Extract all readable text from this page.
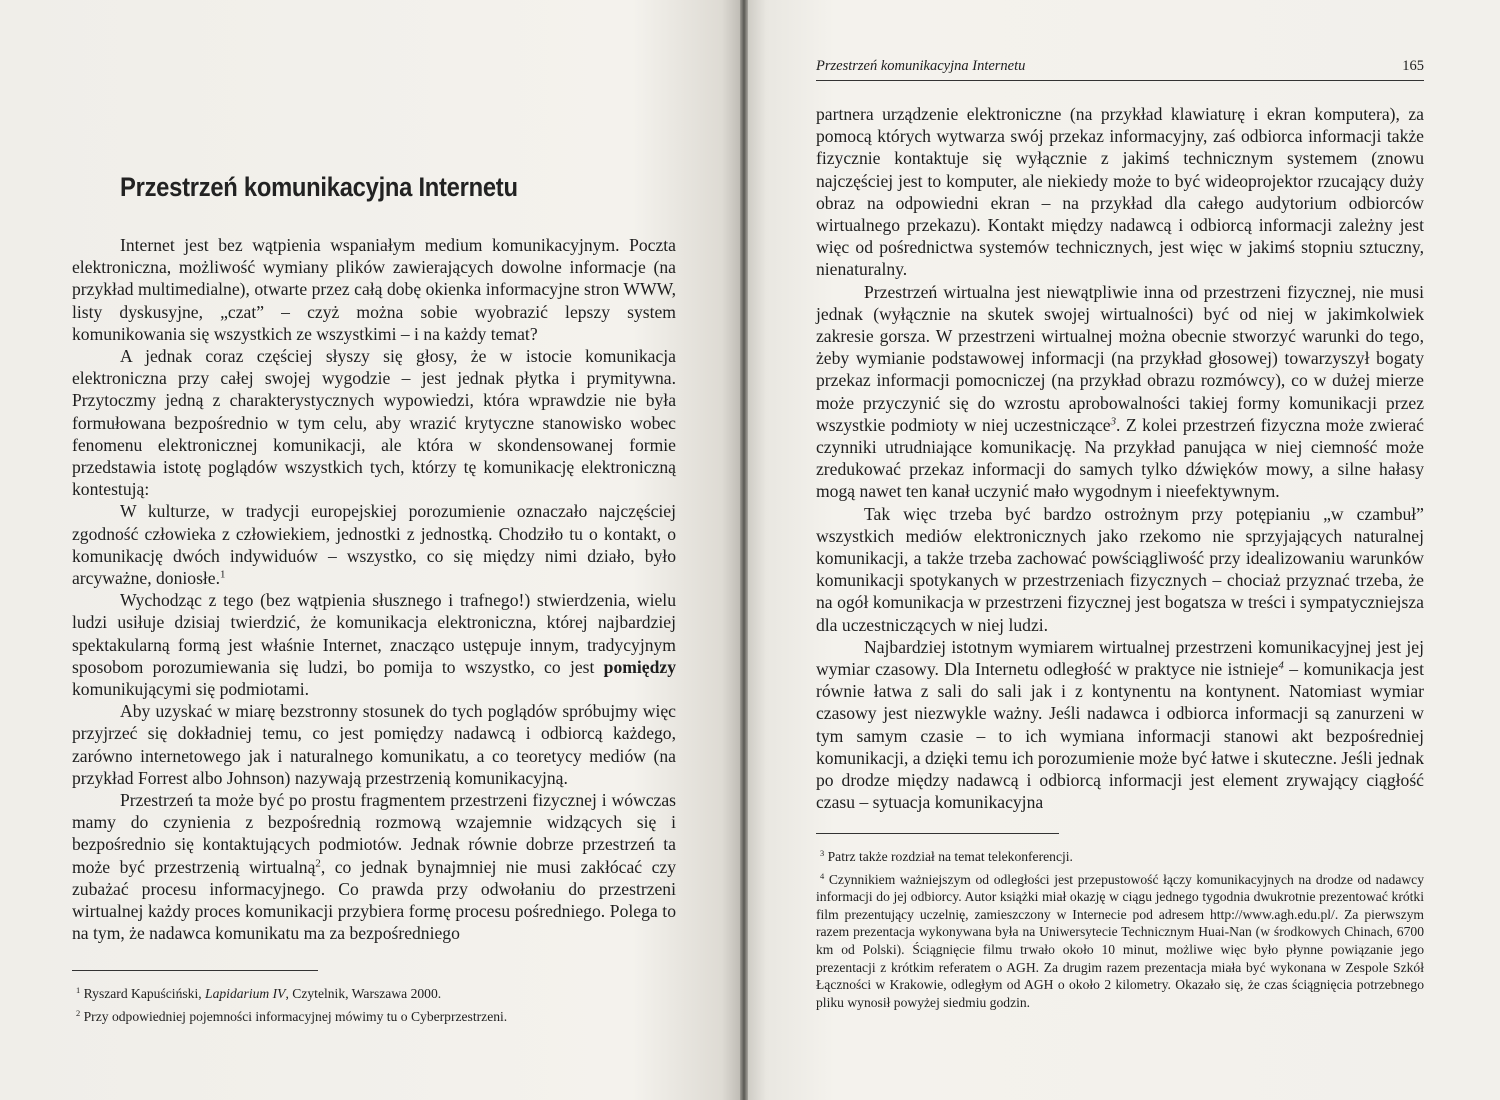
Przestrzeń komunikacyjna Internetu

Internet jest bez wątpienia wspaniałym medium komunikacyjnym. Poczta elektroniczna, możliwość wymiany plików zawierających dowolne informacje (na przykład multimedialne), otwarte przez całą dobę okienka informacyjne stron WWW, listy dyskusyjne, „czat” – czyż można sobie wyobrazić lepszy system komunikowania się wszystkich ze wszystkimi – i na każdy temat?

A jednak coraz częściej słyszy się głosy, że w istocie komunikacja elektroniczna przy całej swojej wygodzie – jest jednak płytka i prymitywna. Przytoczmy jedną z charakterystycznych wypowiedzi, która wprawdzie nie była formułowana bezpośrednio w tym celu, aby wrazić krytyczne stanowisko wobec fenomenu elektronicznej komunikacji, ale która w skondensowanej formie przedstawia istotę poglądów wszystkich tych, którzy tę komunikację elektroniczną kontestują:

W kulturze, w tradycji europejskiej porozumienie oznaczało najczęściej zgodność człowieka z człowiekiem, jednostki z jednostką. Chodziło tu o kontakt, o komunikację dwóch indywiduów – wszystko, co się między nimi działo, było arcyważne, doniosłe.$^1$

Wychodząc z tego (bez wątpienia słusznego i trafnego!) stwierdzenia, wielu ludzi usiłuje dzisiaj twierdzić, że komunikacja elektroniczna, której najbardziej spektakularną formą jest właśnie Internet, znacząco ustępuje innym, tradycyjnym sposobom porozumiewania się ludzi, bo pomija to wszystko, co jest pomiędzy komunikującymi się podmiotami.

Aby uzyskać w miarę bezstronny stosunek do tych poglądów spróbujmy więc przyjrzeć się dokładniej temu, co jest pomiędzy nadawcą i odbiorcą każdego, zarówno internetowego jak i naturalnego komunikatu, a co teoretycy mediów (na przykład Forrest albo Johnson) nazywają przestrzenią komunikacyjną.

Przestrzeń ta może być po prostu fragmentem przestrzeni fizycznej i wówczas mamy do czynienia z bezpośrednią rozmową wzajemnie widzących się i bezpośrednio się kontaktujących podmiotów. Jednak równie dobrze przestrzeń ta może być przestrzenią wirtualną$^2$, co jednak bynajmniej nie musi zakłócać czy zubażać procesu informacyjnego. Co prawda przy odwołaniu do przestrzeni wirtualnej każdy proces komunikacji przybiera formę procesu pośredniego. Polega to na tym, że nadawca komunikatu ma za bezpośredniego

$^1$ Ryszard Kapuściński, Lapidarium IV, Czytelnik, Warszawa 2000.

$^2$ Przy odpowiedniej pojemności informacyjnej mówimy tu o Cyberprzestrzeni.

Przestrzeń komunikacyjna Internetu	165

partnera urządzenie elektroniczne (na przykład klawiaturę i ekran komputera), za pomocą których wytwarza swój przekaz informacyjny, zaś odbiorca informacji także fizycznie kontaktuje się wyłącznie z jakimś technicznym systemem (znowu najczęściej jest to komputer, ale niekiedy może to być wideoprojektor rzucający duży obraz na odpowiedni ekran – na przykład dla całego audytorium odbiorców wirtualnego przekazu). Kontakt między nadawcą i odbiorcą informacji zależny jest więc od pośrednictwa systemów technicznych, jest więc w jakimś stopniu sztuczny, nienaturalny.

Przestrzeń wirtualna jest niewątpliwie inna od przestrzeni fizycznej, nie musi jednak (wyłącznie na skutek swojej wirtualności) być od niej w jakimkolwiek zakresie gorsza. W przestrzeni wirtualnej można obecnie stworzyć warunki do tego, żeby wymianie podstawowej informacji (na przykład głosowej) towarzyszył bogaty przekaz informacji pomocniczej (na przykład obrazu rozmówcy), co w dużej mierze może przyczynić się do wzrostu aprobowalności takiej formy komunikacji przez wszystkie podmioty w niej uczestniczące$^3$. Z kolei przestrzeń fizyczna może zwierać czynniki utrudniające komunikację. Na przykład panująca w niej ciemność może zredukować przekaz informacji do samych tylko dźwięków mowy, a silne hałasy mogą nawet ten kanał uczynić mało wygodnym i nieefektywnym.

Tak więc trzeba być bardzo ostrożnym przy potępianiu „w czambuł” wszystkich mediów elektronicznych jako rzekomo nie sprzyjających naturalnej komunikacji, a także trzeba zachować powściągliwość przy idealizowaniu warunków komunikacji spotykanych w przestrzeniach fizycznych – chociaż przyznać trzeba, że na ogół komunikacja w przestrzeni fizycznej jest bogatsza w treści i sympatyczniejsza dla uczestniczących w niej ludzi.

Najbardziej istotnym wymiarem wirtualnej przestrzeni komunikacyjnej jest jej wymiar czasowy. Dla Internetu odległość w praktyce nie istnieje$^4$ – komunikacja jest równie łatwa z sali do sali jak i z kontynentu na kontynent. Natomiast wymiar czasowy jest niezwykle ważny. Jeśli nadawca i odbiorca informacji są zanurzeni w tym samym czasie – to ich wymiana informacji stanowi akt bezpośredniej komunikacji, a dzięki temu ich porozumienie może być łatwe i skuteczne. Jeśli jednak po drodze między nadawcą i odbiorcą informacji jest element zrywający ciągłość czasu – sytuacja komunikacyjna

$^3$ Patrz także rozdział na temat telekonferencji.

$^4$ Czynnikiem ważniejszym od odległości jest przepustowość łączy komunikacyjnych na drodze od nadawcy informacji do jej odbiorcy. Autor książki miał okazję w ciągu jednego tygodnia dwukrotnie prezentować krótki film prezentujący uczelnię, zamieszczony w Internecie pod adresem http://www.agh.edu.pl/. Za pierwszym razem prezentacja wykonywana była na Uniwersytecie Technicznym Huai-Nan (w środkowych Chinach, 6700 km od Polski). Ściągnięcie filmu trwało około 10 minut, możliwe więc było płynne powiązanie jego prezentacji z krótkim referatem o AGH. Za drugim razem prezentacja miała być wykonana w Zespole Szkół Łączności w Krakowie, odległym od AGH o około 2 kilometry. Okazało się, że czas ściągnięcia potrzebnego pliku wynosił powyżej siedmiu godzin.
